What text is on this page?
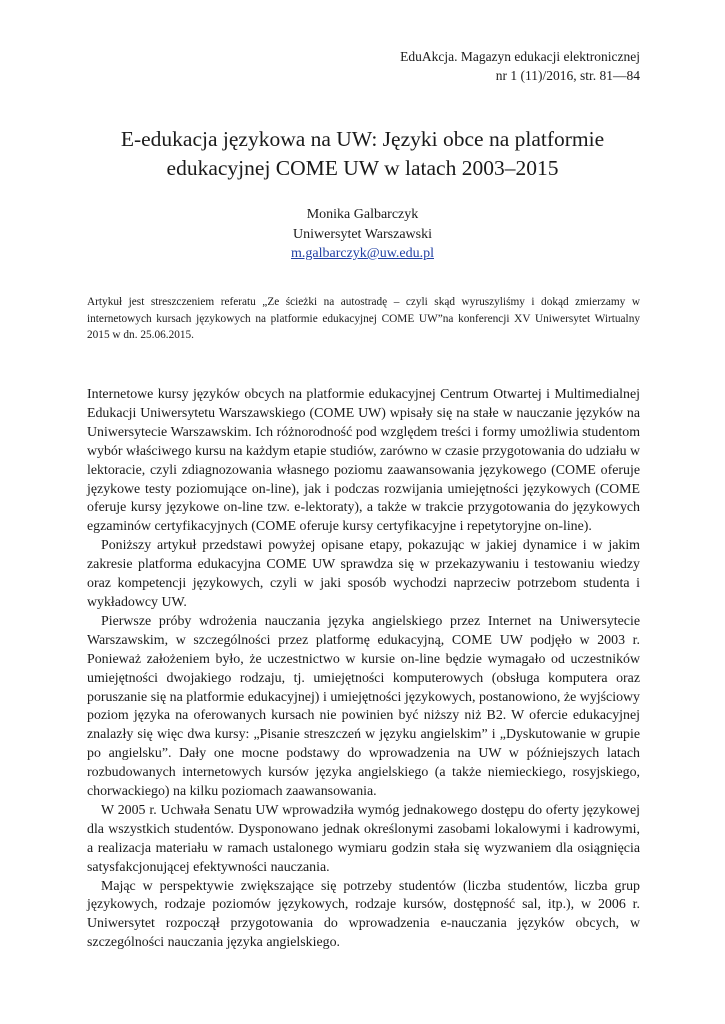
EduAkcja. Magazyn edukacji elektronicznej
nr 1 (11)/2016, str. 81—84
E-edukacja językowa na UW: Języki obce na platformie
edukacyjnej COME UW w latach 2003–2015
Monika Galbarczyk
Uniwersytet Warszawski
m.galbarczyk@uw.edu.pl
Artykuł jest streszczeniem referatu „Ze ścieżki na autostradę – czyli skąd wyruszyliśmy i dokąd zmierzamy w internetowych kursach językowych na platformie edukacyjnej COME UW”na konferencji XV Uniwersytet Wirtualny 2015 w dn. 25.06.2015.

Internetowe kursy języków obcych na platformie edukacyjnej Centrum Otwartej i Multimedialnej Edukacji Uniwersytetu Warszawskiego (COME UW) wpisały się na stałe w nauczanie języków na Uniwersytecie Warszawskim. Ich różnorodność pod względem treści i formy umożliwia studentom wybór właściwego kursu na każdym etapie studiów, zarówno w czasie przygotowania do udziału w lektoracie, czyli zdiagnozowania własnego poziomu zaawansowania językowego (COME oferuje językowe testy poziomujące on-line), jak i podczas rozwijania umiejętności językowych (COME oferuje kursy językowe on-line tzw. e-lektoraty), a także w trakcie przygotowania do językowych egzaminów certyfikacyjnych (COME oferuje kursy certyfikacyjne i repetytoryjne on-line).

Poniższy artykuł przedstawi powyżej opisane etapy, pokazując w jakiej dynamice i w jakim zakresie platforma edukacyjna COME UW sprawdza się w przekazywaniu i testowaniu wiedzy oraz kompetencji językowych, czyli w jaki sposób wychodzi naprzeciw potrzebom studenta i wykładowcy UW.

Pierwsze próby wdrożenia nauczania języka angielskiego przez Internet na Uniwersytecie Warszawskim, w szczególności przez platformę edukacyjną, COME UW podjęło w 2003 r. Ponieważ założeniem było, że uczestnictwo w kursie on-line będzie wymagało od uczestników umiejętności dwojakiego rodzaju, tj. umiejętności komputerowych (obsługa komputera oraz poruszanie się na platformie edukacyjnej) i umiejętności językowych, postanowiono, że wyjściowy poziom języka na oferowanych kursach nie powinien być niższy niż B2. W ofercie edukacyjnej znalazły się więc dwa kursy: „Pisanie streszczeń w języku angielskim” i „Dyskutowanie w grupie po angielsku”. Dały one mocne podstawy do wprowadzenia na UW w późniejszych latach rozbudowanych internetowych kursów języka angielskiego (a także niemieckiego, rosyjskiego, chorwackiego) na kilku poziomach zaawansowania.

W 2005 r. Uchwała Senatu UW wprowadziła wymóg jednakowego dostępu do oferty językowej dla wszystkich studentów. Dysponowano jednak określonymi zasobami lokalowymi i kadrowymi, a realizacja materiału w ramach ustalonego wymiaru godzin stała się wyzwaniem dla osiągnięcia satysfakcjonującej efektywności nauczania.

Mając w perspektywie zwiększające się potrzeby studentów (liczba studentów, liczba grup językowych, rodzaje poziomów językowych, rodzaje kursów, dostępność sal, itp.), w 2006 r. Uniwersytet rozpoczął przygotowania do wprowadzenia e-nauczania języków obcych, w szczególności nauczania języka angielskiego.
